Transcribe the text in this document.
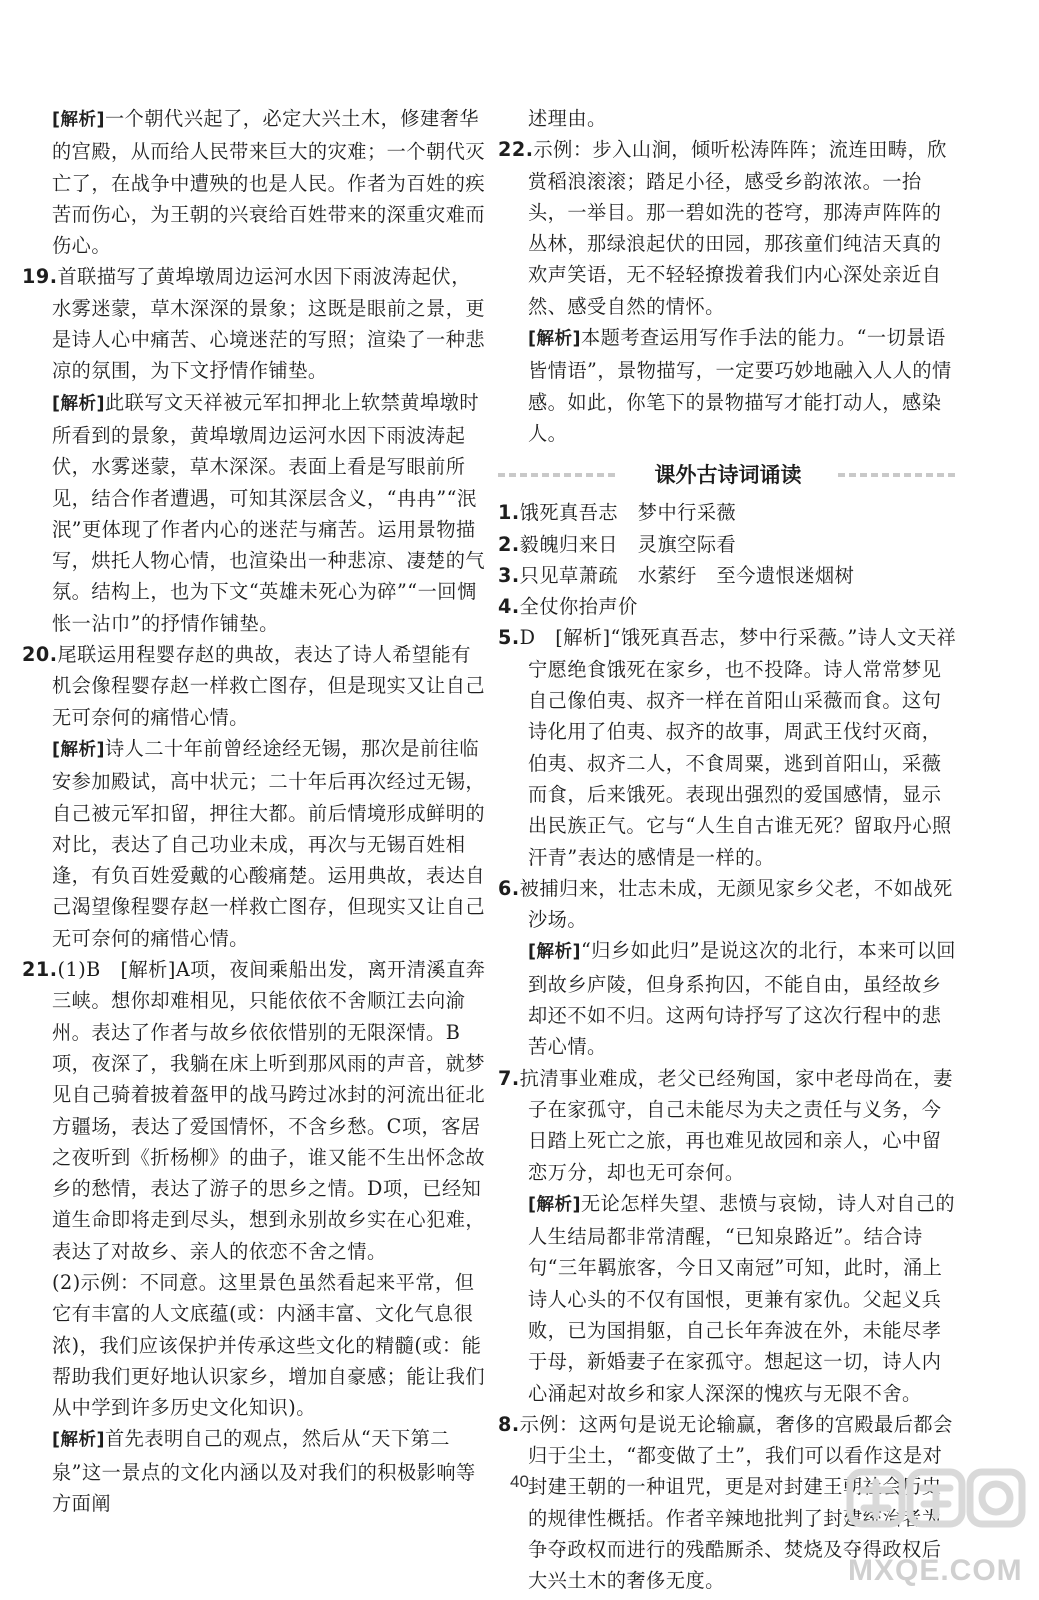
[解析]一个朝代兴起了，必定大兴土木，修建奢华的宫殿，从而给人民带来巨大的灾难；一个朝代灭亡了，在战争中遭殃的也是人民。作者为百姓的疾苦而伤心，为王朝的兴衰给百姓带来的深重灾难而伤心。

19.首联描写了黄埠墩周边运河水因下雨波涛起伏，水雾迷蒙，草木深深的景象；这既是眼前之景，更是诗人心中痛苦、心境迷茫的写照；渲染了一种悲凉的氛围，为下文抒情作铺垫。

[解析]此联写文天祥被元军扣押北上软禁黄埠墩时所看到的景象，黄埠墩周边运河水因下雨波涛起伏，水雾迷蒙，草木深深。表面上看是写眼前所见，结合作者遭遇，可知其深层含义，“冉冉”“泯泯”更体现了作者内心的迷茫与痛苦。运用景物描写，烘托人物心情，也渲染出一种悲凉、凄楚的气氛。结构上，也为下文“英雄未死心为碎”“一回惆怅一沾巾”的抒情作铺垫。

20.尾联运用程婴存赵的典故，表达了诗人希望能有机会像程婴存赵一样救亡图存，但是现实又让自己无可奈何的痛惜心情。

[解析]诗人二十年前曾经途经无锡，那次是前往临安参加殿试，高中状元；二十年后再次经过无锡，自己被元军扣留，押往大都。前后情境形成鲜明的对比，表达了自己功业未成，再次与无锡百姓相逢，有负百姓爱戴的心酸痛楚。运用典故，表达自己渴望像程婴存赵一样救亡图存，但现实又让自己无可奈何的痛惜心情。

21.(1)B　[解析]A项，夜间乘船出发，离开清溪直奔三峡。想你却难相见，只能依依不舍顺江去向渝州。表达了作者与故乡依依惜别的无限深情。B项，夜深了，我躺在床上听到那风雨的声音，就梦见自己骑着披着盔甲的战马跨过冰封的河流出征北方疆场，表达了爱国情怀，不含乡愁。C项，客居之夜听到《折杨柳》的曲子，谁又能不生出怀念故乡的愁情，表达了游子的思乡之情。D项，已经知道生命即将走到尽头，想到永别故乡实在心犯难，表达了对故乡、亲人的依恋不舍之情。

(2)示例：不同意。这里景色虽然看起来平常，但它有丰富的人文底蕴(或：内涵丰富、文化气息很浓)，我们应该保护并传承这些文化的精髓(或：能帮助我们更好地认识家乡，增加自豪感；能让我们从中学到许多历史文化知识)。

[解析]首先表明自己的观点，然后从“天下第二泉”这一景点的文化内涵以及对我们的积极影响等方面阐

述理由。

22.示例：步入山涧，倾听松涛阵阵；流连田畴，欣赏稻浪滚滚；踏足小径，感受乡韵浓浓。一抬头，一举目。那一碧如洗的苍穹，那涛声阵阵的丛林，那绿浪起伏的田园，那孩童们纯洁天真的欢声笑语，无不轻轻撩拨着我们内心深处亲近自然、感受自然的情怀。

[解析]本题考查运用写作手法的能力。“一切景语皆情语”，景物描写，一定要巧妙地融入人人的情感。如此，你笔下的景物描写才能打动人，感染人。

课外古诗词诵读

1.饿死真吾志　梦中行采薇

2.毅魄归来日　灵旗空际看

3.只见草萧疏　水萦纡　至今遗恨迷烟树

4.全仗你抬声价

5.D　[解析]“饿死真吾志，梦中行采薇。”诗人文天祥宁愿绝食饿死在家乡，也不投降。诗人常常梦见自己像伯夷、叔齐一样在首阳山采薇而食。这句诗化用了伯夷、叔齐的故事，周武王伐纣灭商，伯夷、叔齐二人，不食周粟，逃到首阳山，采薇而食，后来饿死。表现出强烈的爱国感情，显示出民族正气。它与“人生自古谁无死？留取丹心照汗青”表达的感情是一样的。

6.被捕归来，壮志未成，无颜见家乡父老，不如战死沙场。

[解析]“归乡如此归”是说这次的北行，本来可以回到故乡庐陵，但身系拘囚，不能自由，虽经故乡却还不如不归。这两句诗抒写了这次行程中的悲苦心情。

7.抗清事业难成，老父已经殉国，家中老母尚在，妻子在家孤守，自己未能尽为夫之责任与义务，今日踏上死亡之旅，再也难见故园和亲人，心中留恋万分，却也无可奈何。

[解析]无论怎样失望、悲愤与哀恸，诗人对自己的人生结局都非常清醒，“已知泉路近”。结合诗句“三年羁旅客，今日又南冠”可知，此时，涌上诗人心头的不仅有国恨，更兼有家仇。父起义兵败，已为国捐躯，自己长年奔波在外，未能尽孝于母，新婚妻子在家孤守。想起这一切，诗人内心涌起对故乡和家人深深的愧疚与无限不舍。

8.示例：这两句是说无论输赢，奢侈的宫殿最后都会归于尘土，“都变做了土”，我们可以看作这是对封建王朝的一种诅咒，更是对封建王朝社会历史的规律性概括。作者辛辣地批判了封建统治者为争夺政权而进行的残酷厮杀、焚烧及夺得政权后大兴土木的奢侈无度。

40
MXQE.COM
